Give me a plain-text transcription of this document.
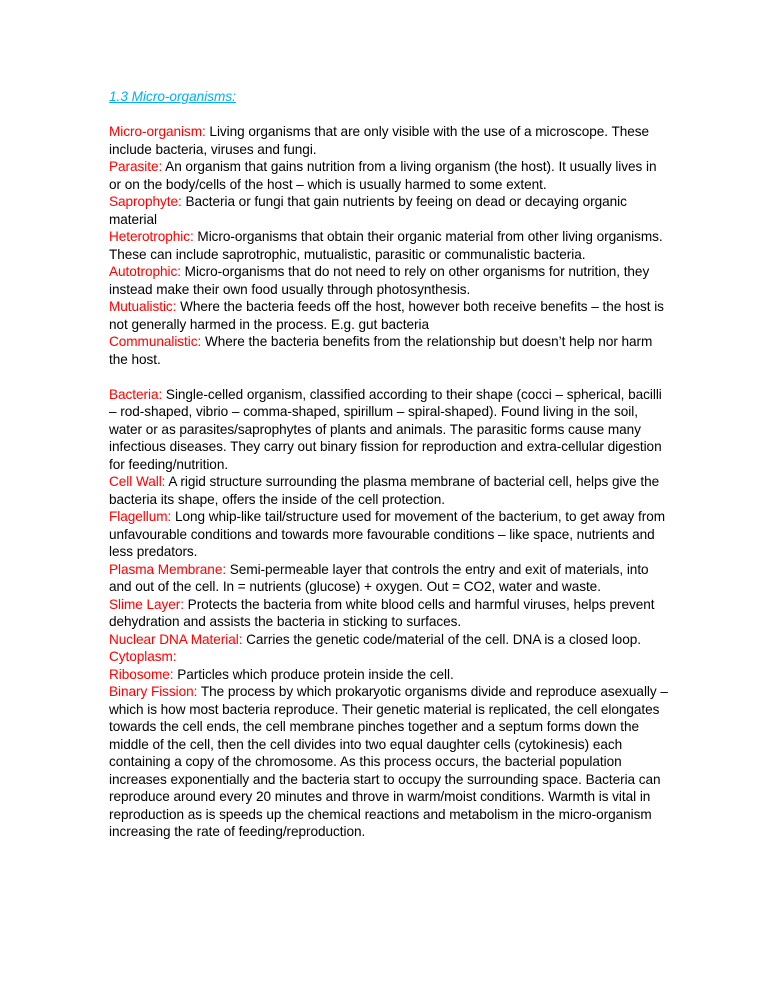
1.3 Micro-organisms:

Micro-organism: Living organisms that are only visible with the use of a microscope. These include bacteria, viruses and fungi.

Parasite: An organism that gains nutrition from a living organism (the host). It usually lives in or on the body/cells of the host – which is usually harmed to some extent.

Saprophyte: Bacteria or fungi that gain nutrients by feeing on dead or decaying organic material

Heterotrophic: Micro-organisms that obtain their organic material from other living organisms. These can include saprotrophic, mutualistic, parasitic or communalistic bacteria.

Autotrophic: Micro-organisms that do not need to rely on other organisms for nutrition, they instead make their own food usually through photosynthesis.

Mutualistic: Where the bacteria feeds off the host, however both receive benefits – the host is not generally harmed in the process. E.g. gut bacteria

Communalistic: Where the bacteria benefits from the relationship but doesn’t help nor harm the host.

Bacteria: Single-celled organism, classified according to their shape (cocci – spherical, bacilli – rod-shaped, vibrio – comma-shaped, spirillum – spiral-shaped). Found living in the soil, water or as parasites/saprophytes of plants and animals. The parasitic forms cause many infectious diseases. They carry out binary fission for reproduction and extra-cellular digestion for feeding/nutrition.

Cell Wall: A rigid structure surrounding the plasma membrane of bacterial cell, helps give the bacteria its shape, offers the inside of the cell protection.

Flagellum: Long whip-like tail/structure used for movement of the bacterium, to get away from unfavourable conditions and towards more favourable conditions – like space, nutrients and less predators.

Plasma Membrane: Semi-permeable layer that controls the entry and exit of materials, into and out of the cell. In = nutrients (glucose) + oxygen. Out = CO2, water and waste.

Slime Layer: Protects the bacteria from white blood cells and harmful viruses, helps prevent dehydration and assists the bacteria in sticking to surfaces.

Nuclear DNA Material: Carries the genetic code/material of the cell. DNA is a closed loop.

Cytoplasm:

Ribosome: Particles which produce protein inside the cell.

Binary Fission: The process by which prokaryotic organisms divide and reproduce asexually – which is how most bacteria reproduce. Their genetic material is replicated, the cell elongates towards the cell ends, the cell membrane pinches together and a septum forms down the middle of the cell, then the cell divides into two equal daughter cells (cytokinesis) each containing a copy of the chromosome. As this process occurs, the bacterial population increases exponentially and the bacteria start to occupy the surrounding space. Bacteria can reproduce around every 20 minutes and throve in warm/moist conditions. Warmth is vital in reproduction as is speeds up the chemical reactions and metabolism in the micro-organism increasing the rate of feeding/reproduction.
